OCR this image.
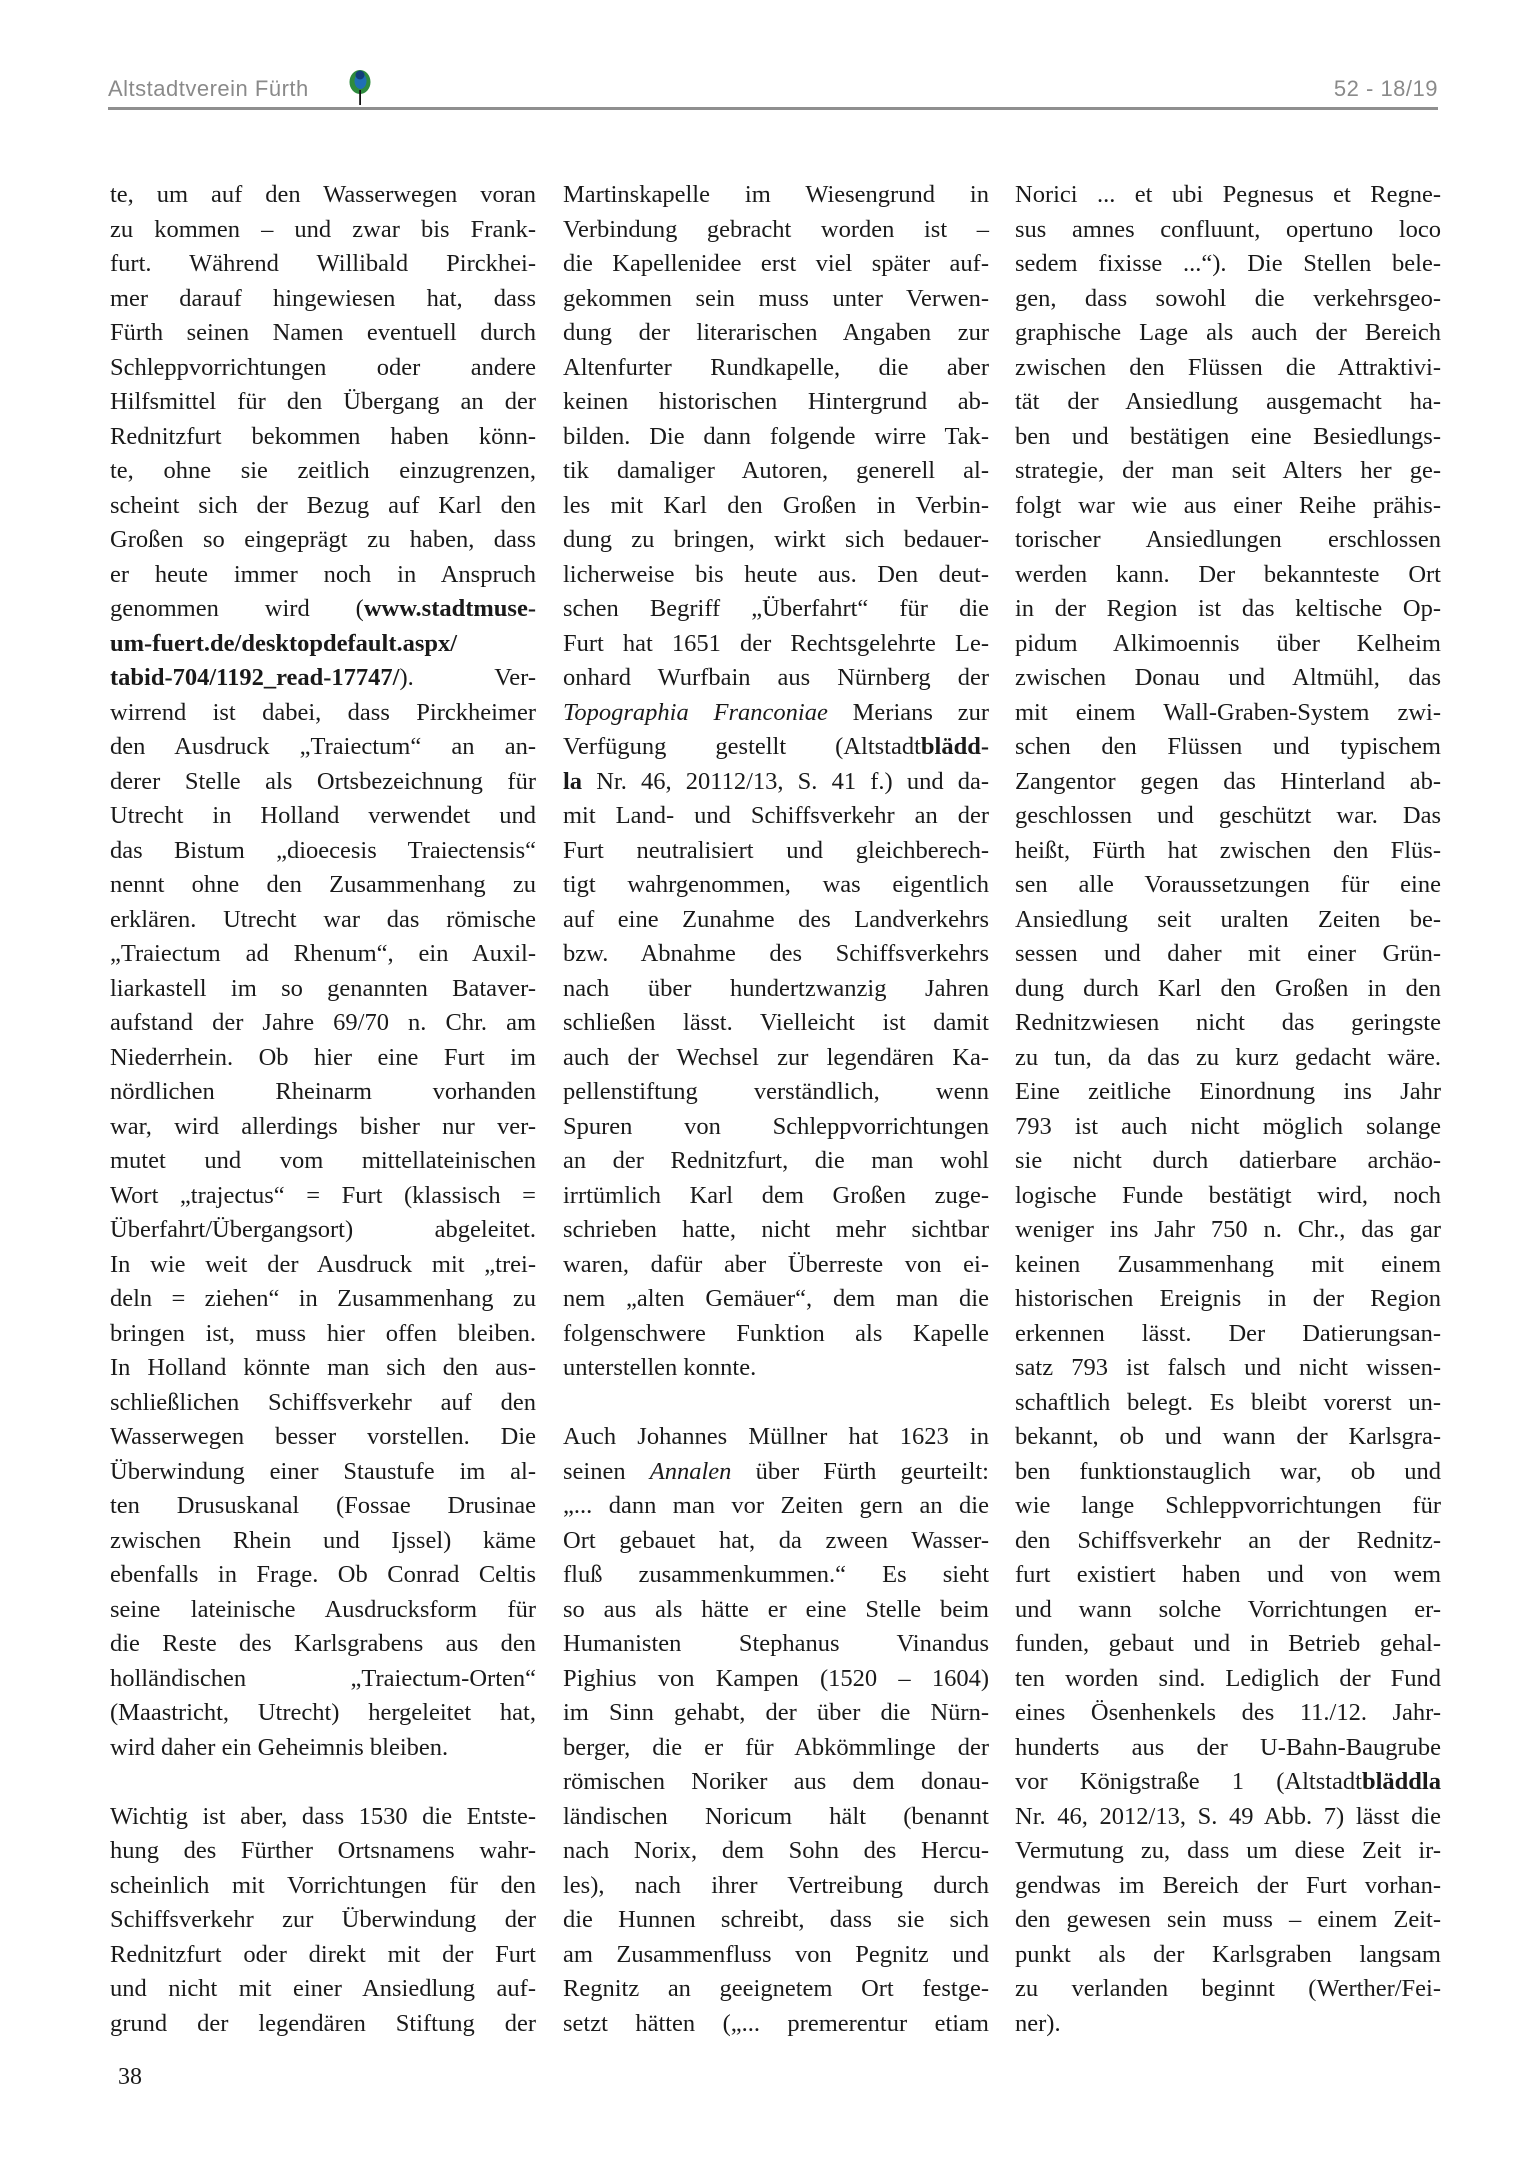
Altstadtverein Fürth	52 - 18/19

te, um auf den Wasserwegen voran
zu kommen – und zwar bis Frank-
furt. Während Willibald Pirckhei-
mer darauf hingewiesen hat, dass
Fürth seinen Namen eventuell durch
Schleppvorrichtungen oder andere
Hilfsmittel für den Übergang an der
Rednitzfurt bekommen haben könn-
te, ohne sie zeitlich einzugrenzen,
scheint sich der Bezug auf Karl den
Großen so eingeprägt zu haben, dass
er heute immer noch in Anspruch
genommen wird (www.stadtmuse-
um-fuert.de/desktopdefault.aspx/
tabid-704/1192_read-17747/). Ver-
wirrend ist dabei, dass Pirckheimer
den Ausdruck „Traiectum“ an an-
derer Stelle als Ortsbezeichnung für
Utrecht in Holland verwendet und
das Bistum „dioecesis Traiectensis“
nennt ohne den Zusammenhang zu
erklären. Utrecht war das römische
„Traiectum ad Rhenum“, ein Auxil-
liarkastell im so genannten Bataver-
aufstand der Jahre 69/70 n. Chr. am
Niederrhein. Ob hier eine Furt im
nördlichen Rheinarm vorhanden
war, wird allerdings bisher nur ver-
mutet und vom mittellateinischen
Wort „trajectus“ = Furt (klassisch =
Überfahrt/Übergangsort) abgeleitet.
In wie weit der Ausdruck mit „trei-
deln = ziehen“ in Zusammenhang zu
bringen ist, muss hier offen bleiben.
In Holland könnte man sich den aus-
schließlichen Schiffsverkehr auf den
Wasserwegen besser vorstellen. Die
Überwindung einer Staustufe im al-
ten Drususkanal (Fossae Drusinae
zwischen Rhein und Ijssel) käme
ebenfalls in Frage. Ob Conrad Celtis
seine lateinische Ausdrucksform für
die Reste des Karlsgrabens aus den
holländischen „Traiectum-Orten“
(Maastricht, Utrecht) hergeleitet hat,
wird daher ein Geheimnis bleiben.

Wichtig ist aber, dass 1530 die Entste-
hung des Fürther Ortsnamens wahr-
scheinlich mit Vorrichtungen für den
Schiffsverkehr zur Überwindung der
Rednitzfurt oder direkt mit der Furt
und nicht mit einer Ansiedlung auf-
grund der legendären Stiftung der

Martinskapelle im Wiesengrund in
Verbindung gebracht worden ist –
die Kapellenidee erst viel später auf-
gekommen sein muss unter Verwen-
dung der literarischen Angaben zur
Altenfurter Rundkapelle, die aber
keinen historischen Hintergrund ab-
bilden. Die dann folgende wirre Tak-
tik damaliger Autoren, generell al-
les mit Karl den Großen in Verbin-
dung zu bringen, wirkt sich bedauer-
licherweise bis heute aus. Den deut-
schen Begriff „Überfahrt“ für die
Furt hat 1651 der Rechtsgelehrte Le-
onhard Wurfbain aus Nürnberg der
Topographia Franconiae Merians zur
Verfügung gestellt (Altstadtblädd-
la Nr. 46, 20112/13, S. 41 f.) und da-
mit Land- und Schiffsverkehr an der
Furt neutralisiert und gleichberech-
tigt wahrgenommen, was eigentlich
auf eine Zunahme des Landverkehrs
bzw. Abnahme des Schiffsverkehrs
nach über hundertzwanzig Jahren
schließen lässt. Vielleicht ist damit
auch der Wechsel zur legendären Ka-
pellenstiftung verständlich, wenn
Spuren von Schleppvorrichtungen
an der Rednitzfurt, die man wohl
irrtümlich Karl dem Großen zuge-
schrieben hatte, nicht mehr sichtbar
waren, dafür aber Überreste von ei-
nem „alten Gemäuer“, dem man die
folgenschwere Funktion als Kapelle
unterstellen konnte.

Auch Johannes Müllner hat 1623 in
seinen Annalen über Fürth geurteilt:
„... dann man vor Zeiten gern an die
Ort gebauet hat, da zween Wasser-
fluß zusammenkummen.“ Es sieht
so aus als hätte er eine Stelle beim
Humanisten Stephanus Vinandus
Pighius von Kampen (1520 – 1604)
im Sinn gehabt, der über die Nürn-
berger, die er für Abkömmlinge der
römischen Noriker aus dem donau-
ländischen Noricum hält (benannt
nach Norix, dem Sohn des Hercu-
les), nach ihrer Vertreibung durch
die Hunnen schreibt, dass sie sich
am Zusammenfluss von Pegnitz und
Regnitz an geeignetem Ort festge-
setzt hätten („... premerentur etiam

Norici ... et ubi Pegnesus et Regne-
sus amnes confluunt, opertuno loco
sedem fixisse ...“). Die Stellen bele-
gen, dass sowohl die verkehrsgeo-
graphische Lage als auch der Bereich
zwischen den Flüssen die Attraktivi-
tät der Ansiedlung ausgemacht ha-
ben und bestätigen eine Besiedlungs-
strategie, der man seit Alters her ge-
folgt war wie aus einer Reihe prähis-
torischer Ansiedlungen erschlossen
werden kann. Der bekannteste Ort
in der Region ist das keltische Op-
pidum Alkimoennis über Kelheim
zwischen Donau und Altmühl, das
mit einem Wall-Graben-System zwi-
schen den Flüssen und typischem
Zangentor gegen das Hinterland ab-
geschlossen und geschützt war. Das
heißt, Fürth hat zwischen den Flüs-
sen alle Voraussetzungen für eine
Ansiedlung seit uralten Zeiten be-
sessen und daher mit einer Grün-
dung durch Karl den Großen in den
Rednitzwiesen nicht das geringste
zu tun, da das zu kurz gedacht wäre.
Eine zeitliche Einordnung ins Jahr
793 ist auch nicht möglich solange
sie nicht durch datierbare archäo-
logische Funde bestätigt wird, noch
weniger ins Jahr 750 n. Chr., das gar
keinen Zusammenhang mit einem
historischen Ereignis in der Region
erkennen lässt. Der Datierungsan-
satz 793 ist falsch und nicht wissen-
schaftlich belegt. Es bleibt vorerst un-
bekannt, ob und wann der Karlsgra-
ben funktionstauglich war, ob und
wie lange Schleppvorrichtungen für
den Schiffsverkehr an der Rednitz-
furt existiert haben und von wem
und wann solche Vorrichtungen er-
funden, gebaut und in Betrieb gehal-
ten worden sind. Lediglich der Fund
eines Ösenhenkels des 11./12. Jahr-
hunderts aus der U-Bahn-Baugrube
vor Königstraße 1 (Altstadtbläddla
Nr. 46, 2012/13, S. 49 Abb. 7) lässt die
Vermutung zu, dass um diese Zeit ir-
gendwas im Bereich der Furt vorhan-
den gewesen sein muss – einem Zeit-
punkt als der Karlsgraben langsam
zu verlanden beginnt (Werther/Fei-
ner).

38
